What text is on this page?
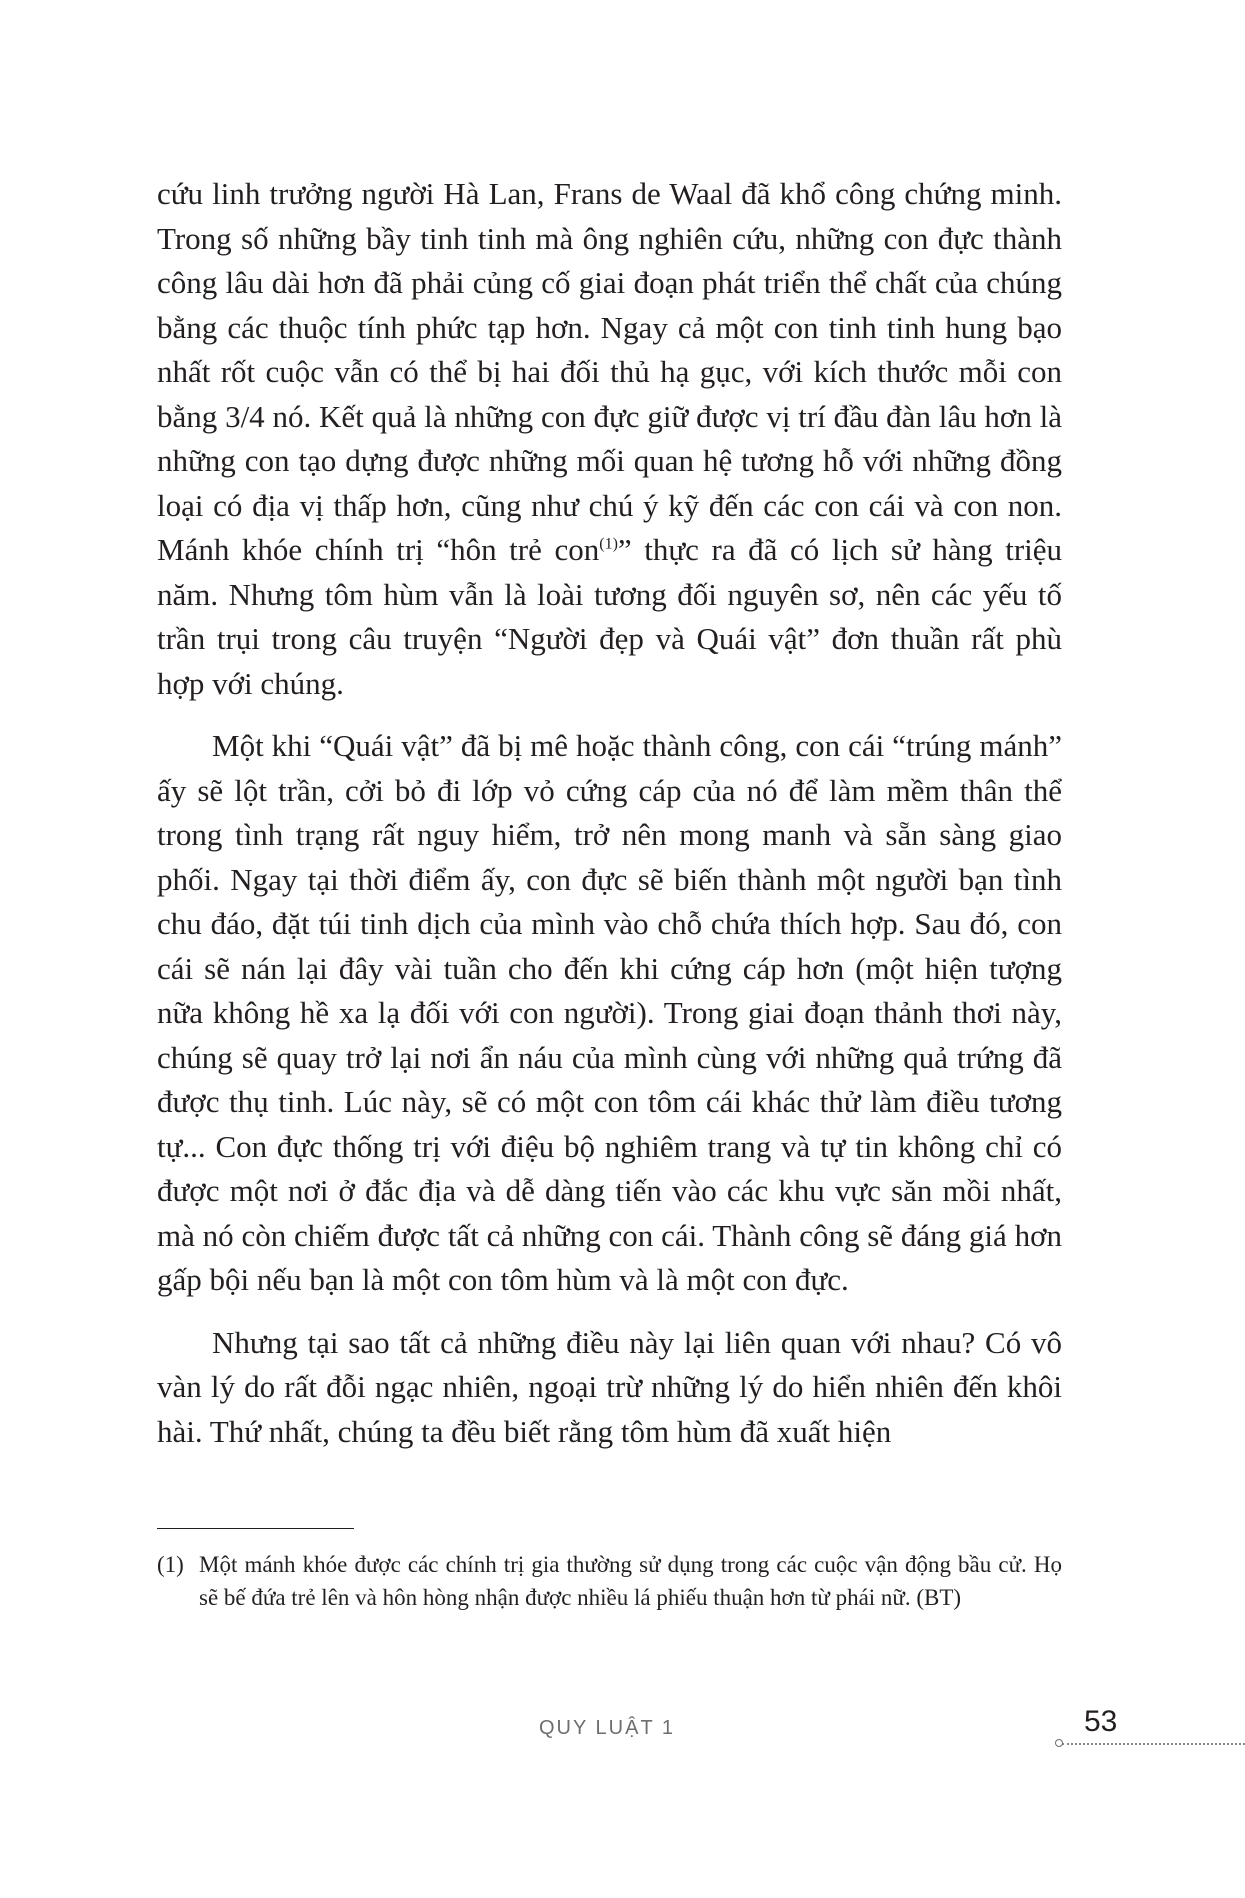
cứu linh trưởng người Hà Lan, Frans de Waal đã khổ công chứng minh. Trong số những bầy tinh tinh mà ông nghiên cứu, những con đực thành công lâu dài hơn đã phải củng cố giai đoạn phát triển thể chất của chúng bằng các thuộc tính phức tạp hơn. Ngay cả một con tinh tinh hung bạo nhất rốt cuộc vẫn có thể bị hai đối thủ hạ gục, với kích thước mỗi con bằng 3/4 nó. Kết quả là những con đực giữ được vị trí đầu đàn lâu hơn là những con tạo dựng được những mối quan hệ tương hỗ với những đồng loại có địa vị thấp hơn, cũng như chú ý kỹ đến các con cái và con non. Mánh khóe chính trị “hôn trẻ con$^{(1)}$” thực ra đã có lịch sử hàng triệu năm. Nhưng tôm hùm vẫn là loài tương đối nguyên sơ, nên các yếu tố trần trụi trong câu truyện “Người đẹp và Quái vật” đơn thuần rất phù hợp với chúng.

Một khi “Quái vật” đã bị mê hoặc thành công, con cái “trúng mánh” ấy sẽ lột trần, cởi bỏ đi lớp vỏ cứng cáp của nó để làm mềm thân thể trong tình trạng rất nguy hiểm, trở nên mong manh và sẵn sàng giao phối. Ngay tại thời điểm ấy, con đực sẽ biến thành một người bạn tình chu đáo, đặt túi tinh dịch của mình vào chỗ chứa thích hợp. Sau đó, con cái sẽ nán lại đây vài tuần cho đến khi cứng cáp hơn (một hiện tượng nữa không hề xa lạ đối với con người). Trong giai đoạn thảnh thơi này, chúng sẽ quay trở lại nơi ẩn náu của mình cùng với những quả trứng đã được thụ tinh. Lúc này, sẽ có một con tôm cái khác thử làm điều tương tự... Con đực thống trị với điệu bộ nghiêm trang và tự tin không chỉ có được một nơi ở đắc địa và dễ dàng tiến vào các khu vực săn mồi nhất, mà nó còn chiếm được tất cả những con cái. Thành công sẽ đáng giá hơn gấp bội nếu bạn là một con tôm hùm và là một con đực.

Nhưng tại sao tất cả những điều này lại liên quan với nhau? Có vô vàn lý do rất đỗi ngạc nhiên, ngoại trừ những lý do hiển nhiên đến khôi hài. Thứ nhất, chúng ta đều biết rằng tôm hùm đã xuất hiện

(1) Một mánh khóe được các chính trị gia thường sử dụng trong các cuộc vận động bầu cử. Họ sẽ bế đứa trẻ lên và hôn hòng nhận được nhiều lá phiếu thuận hơn từ phái nữ. (BT)
QUY LUẬT 1	53
